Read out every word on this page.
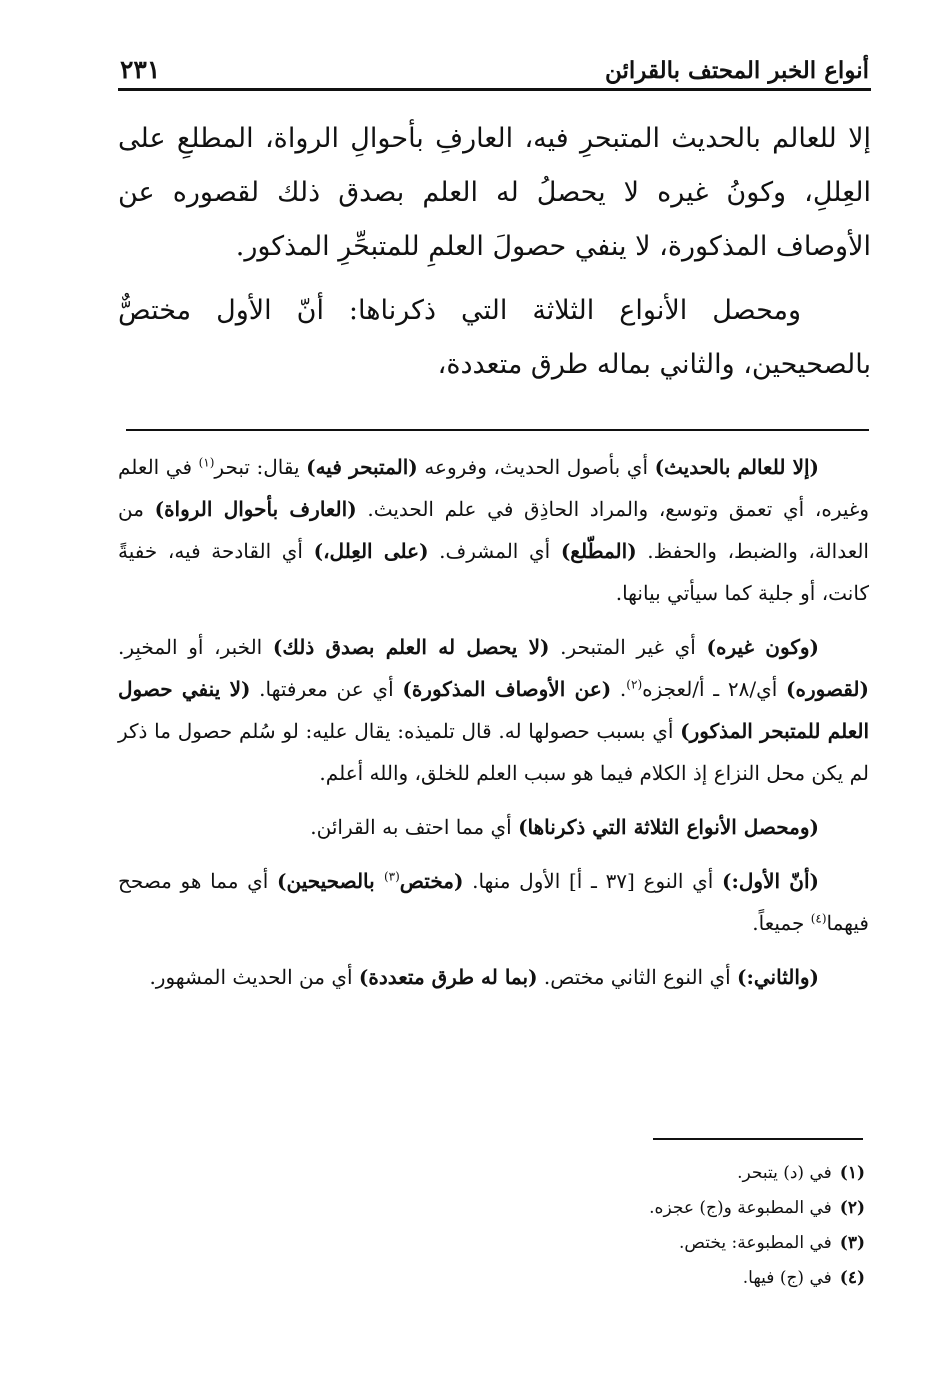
أنواع الخبر المحتف بالقرائن
٢٣١

إلا للعالم بالحديث المتبحرِ فيه، العارفِ بأحوالِ الرواة، المطلعِ على العِللِ، وكونُ غيره لا يحصلُ له العلم بصدق ذلك لقصوره عن الأوصاف المذكورة، لا ينفي حصولَ العلمِ للمتبحِّرِ المذكور.

ومحصل الأنواع الثلاثة التي ذكرناها: أنّ الأول مختصٌّ بالصحيحين، والثاني بماله طرق متعددة،

(إلا للعالم بالحديث) أي بأصول الحديث، وفروعه (المتبحر فيه) يقال: تبحر$^{(١)}$ في العلم وغيره، أي تعمق وتوسع، والمراد الحاذِق في علم الحديث. (العارف بأحوال الرواة) من العدالة، والضبط، والحفظ. (المطّلع) أي المشرف. (على العِلل،) أي القادحة فيه، خفيةً كانت، أو جلية كما سيأتي بيانها.

(وكون غيره) أي غير المتبحر. (لا يحصل له العلم بصدق ذلك) الخبر، أو المخبِر. (لقصوره) أي/٢٨ ـ أ/لعجزه$^{(٢)}$. (عن الأوصاف المذكورة) أي عن معرفتها. (لا ينفي حصول العلم للمتبحر المذكور) أي بسبب حصولها له. قال تلميذه: يقال عليه: لو سُلم حصول ما ذكر لم يكن محل النزاع إذ الكلام فيما هو سبب العلم للخلق، والله أعلم.

(ومحصل الأنواع الثلاثة التي ذكرناها) أي مما احتف به القرائن.

(أنّ الأول:) أي النوع [٣٧ ـ أ] الأول منها. (مختص$^{(٣)}$ بالصحيحين) أي مما هو مصحح فيهما$^{(٤)}$ جميعاً.

(والثاني:) أي النوع الثاني مختص. (بما له طرق متعددة) أي من الحديث المشهور.

(١)في (د) يتبحر.
(٢)في المطبوعة و(ج) عجزه.
(٣)في المطبوعة: يختص.
(٤)في (ج) فيها.
